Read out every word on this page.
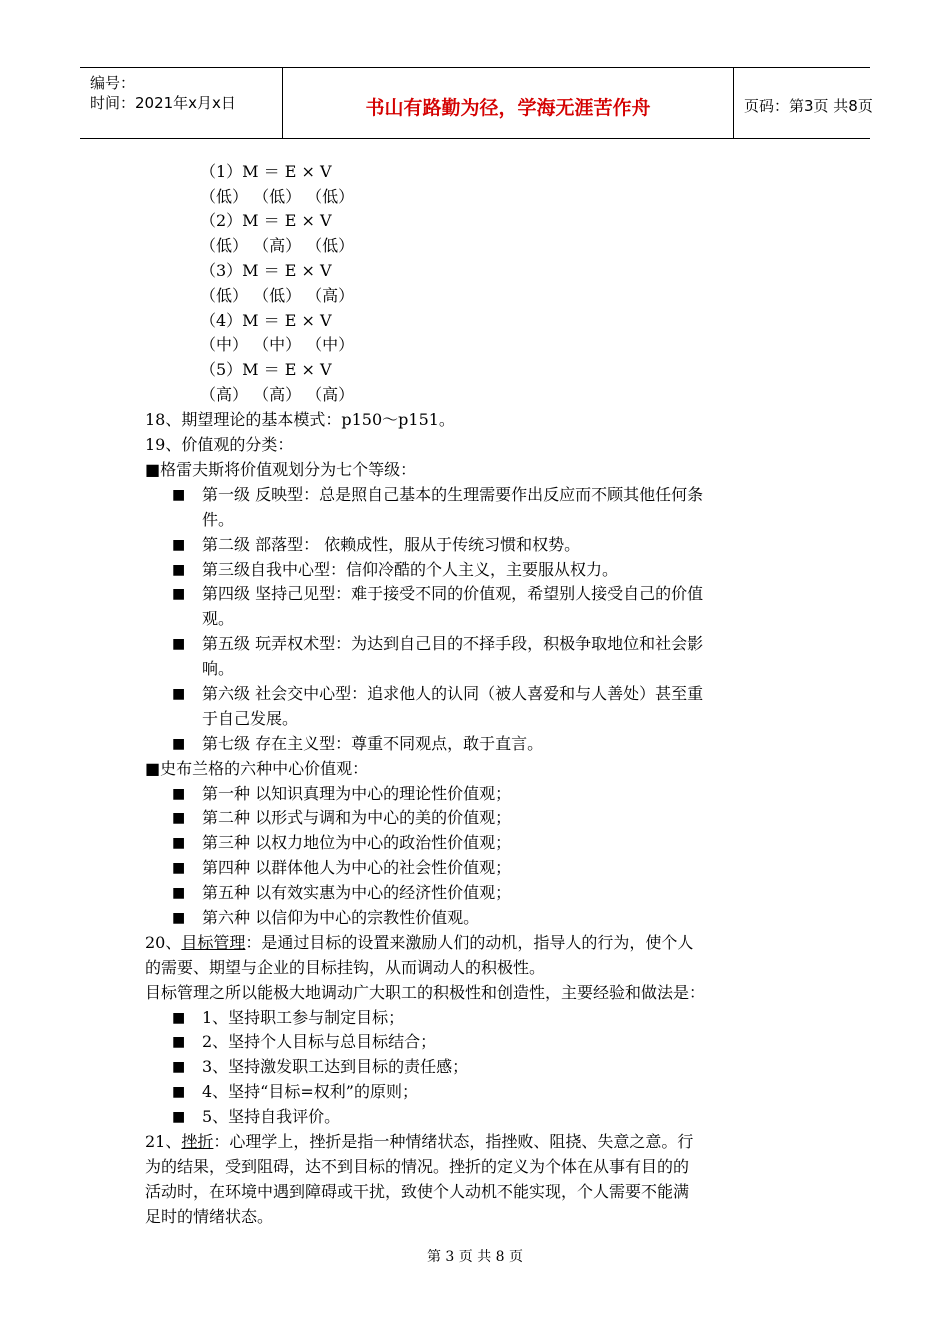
编号：
时间：2021年x月x日	书山有路勤为径，学海无涯苦作舟	页码：第3页 共8页
（1）M ＝ E × V
（低） （低） （低）
（2）M ＝ E × V
（低） （高） （低）
（3）M ＝ E × V
（低） （低） （高）
（4）M ＝ E × V
（中） （中） （中）
（5）M ＝ E × V
（高） （高） （高）
18、期望理论的基本模式：p150～p151。
19、价值观的分类：
■格雷夫斯将价值观划分为七个等级：
■ 第一级 反映型：总是照自己基本的生理需要作出反应而不顾其他任何条
件。
■ 第二级 部落型： 依赖成性，服从于传统习惯和权势。
■ 第三级自我中心型：信仰冷酷的个人主义，主要服从权力。
■ 第四级 坚持己见型：难于接受不同的价值观，希望别人接受自己的价值
观。
■ 第五级 玩弄权术型：为达到自己目的不择手段，积极争取地位和社会影
响。
■ 第六级 社会交中心型：追求他人的认同（被人喜爱和与人善处）甚至重
于自己发展。
■ 第七级 存在主义型：尊重不同观点，敢于直言。
■史布兰格的六种中心价值观：
■ 第一种 以知识真理为中心的理论性价值观；
■ 第二种 以形式与调和为中心的美的价值观；
■ 第三种 以权力地位为中心的政治性价值观；
■ 第四种 以群体他人为中心的社会性价值观；
■ 第五种 以有效实惠为中心的经济性价值观；
■ 第六种 以信仰为中心的宗教性价值观。
20、目标管理：是通过目标的设置来激励人们的动机，指导人的行为，使个人
的需要、期望与企业的目标挂钩，从而调动人的积极性。
目标管理之所以能极大地调动广大职工的积极性和创造性，主要经验和做法是：
■ 1、坚持职工参与制定目标；
■ 2、坚持个人目标与总目标结合；
■ 3、坚持激发职工达到目标的责任感；
■ 4、坚持“目标=权利”的原则；
■ 5、坚持自我评价。
21、挫折：心理学上，挫折是指一种情绪状态，指挫败、阻挠、失意之意。行
为的结果，受到阻碍，达不到目标的情况。挫折的定义为个体在从事有目的的
活动时，在环境中遇到障碍或干扰，致使个人动机不能实现，个人需要不能满
足时的情绪状态。
第 3 页 共 8 页
